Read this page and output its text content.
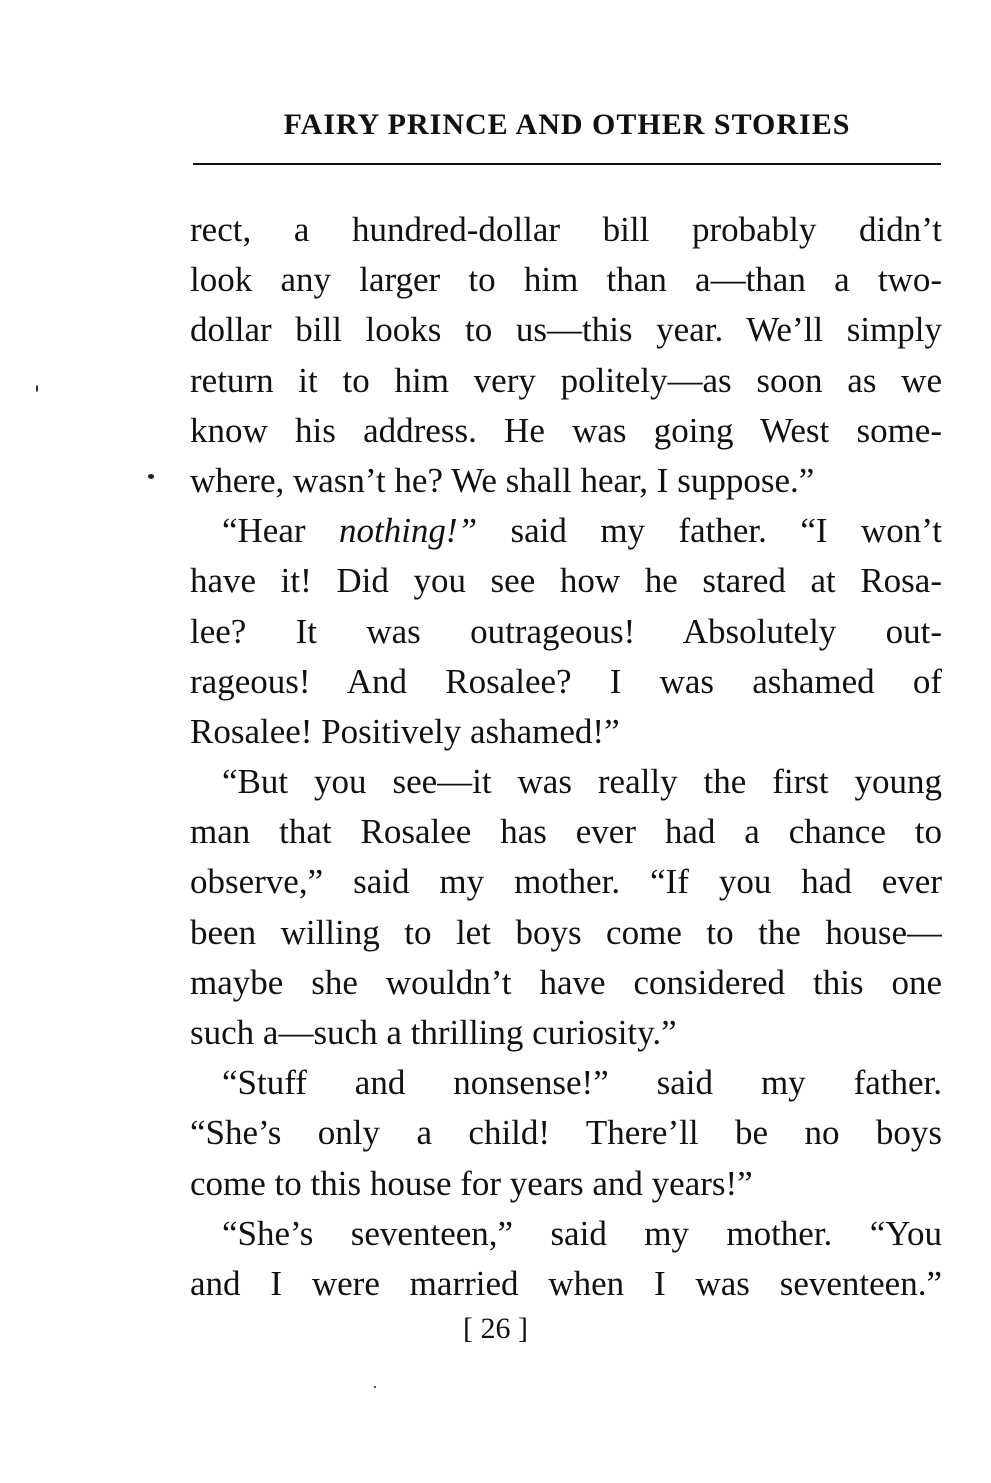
FAIRY PRINCE AND OTHER STORIES
rect, a hundred-dollar bill probably didn’t
look any larger to him than a—than a two-
dollar bill looks to us—this year. We’ll simply
return it to him very politely—as soon as we
know his address. He was going West some-
where, wasn’t he? We shall hear, I suppose.”
“Hear nothing!” said my father. “I won’t
have it! Did you see how he stared at Rosa-
lee? It was outrageous! Absolutely out-
rageous! And Rosalee? I was ashamed of
Rosalee! Positively ashamed!”
“But you see—it was really the first young
man that Rosalee has ever had a chance to
observe,” said my mother. “If you had ever
been willing to let boys come to the house—
maybe she wouldn’t have considered this one
such a—such a thrilling curiosity.”
“Stuff and nonsense!” said my father.
“She’s only a child! There’ll be no boys
come to this house for years and years!”
“She’s seventeen,” said my mother. “You
and I were married when I was seventeen.”
[ 26 ]
